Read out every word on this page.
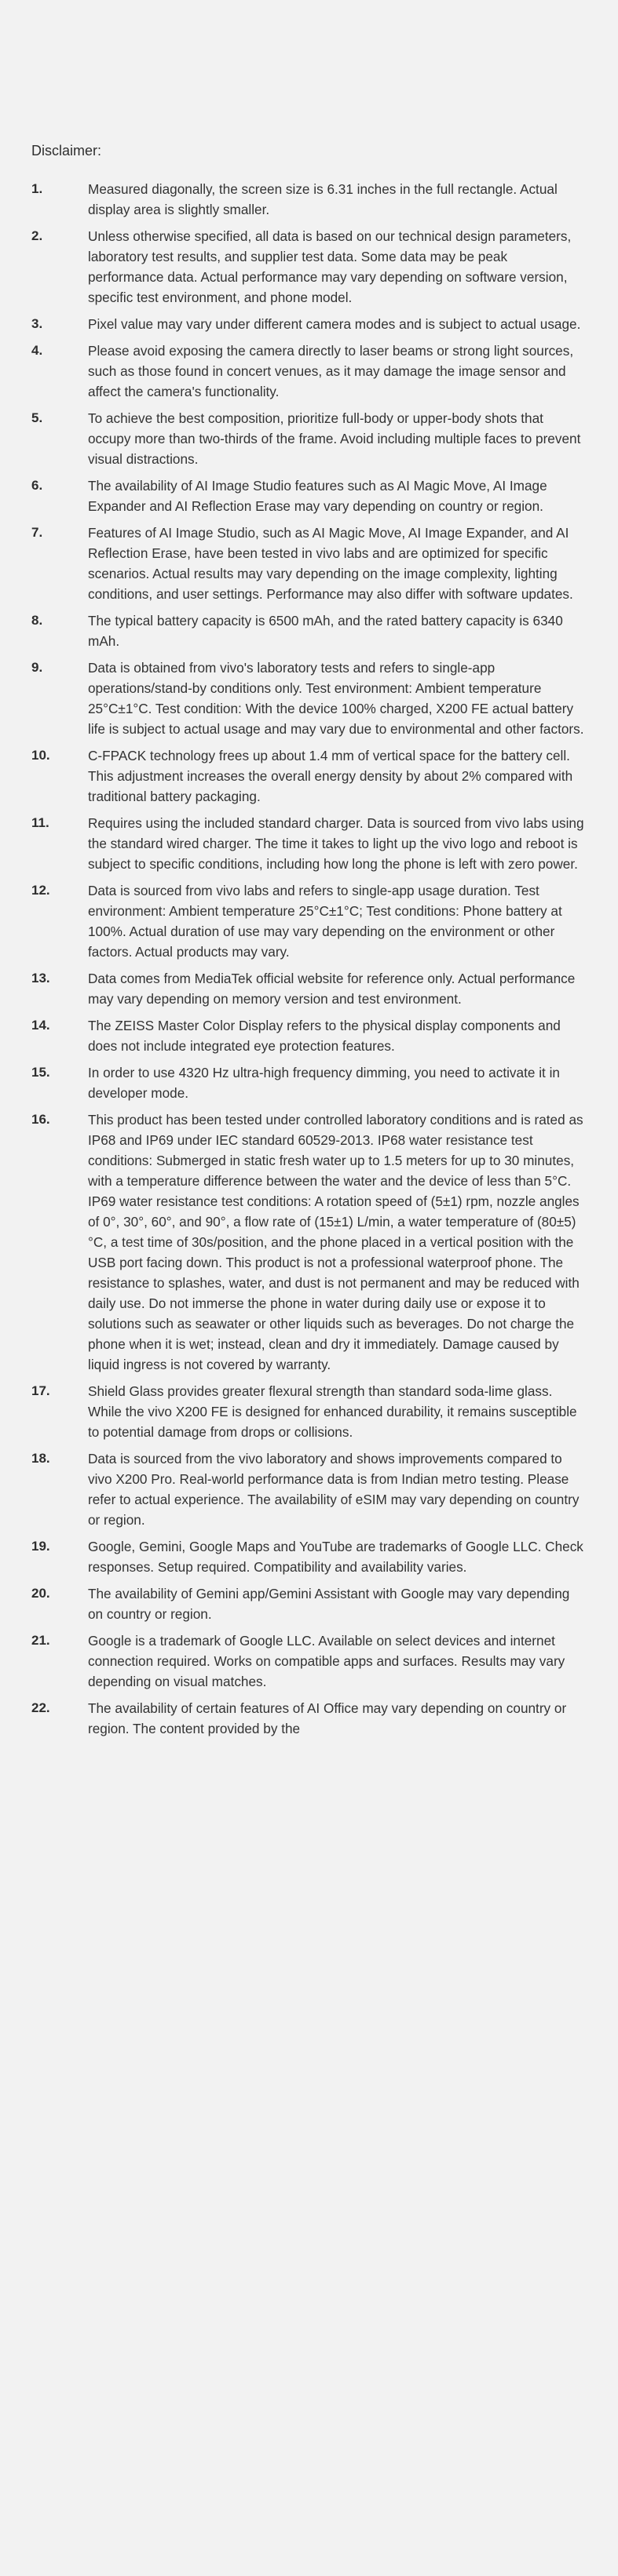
Disclaimer:
1.	Measured diagonally, the screen size is 6.31 inches in the full rectangle. Actual display area is slightly smaller.
2.	Unless otherwise specified, all data is based on our technical design parameters, laboratory test results, and supplier test data. Some data may be peak performance data. Actual performance may vary depending on software version, specific test environment, and phone model.
3.	Pixel value may vary under different camera modes and is subject to actual usage.
4.	Please avoid exposing the camera directly to laser beams or strong light sources, such as those found in concert venues, as it may damage the image sensor and affect the camera's functionality.
5.	To achieve the best composition, prioritize full-body or upper-body shots that occupy more than two-thirds of the frame. Avoid including multiple faces to prevent visual distractions.
6.	The availability of AI Image Studio features such as AI Magic Move, AI Image Expander and AI Reflection Erase may vary depending on country or region.
7.	Features of AI Image Studio, such as AI Magic Move, AI Image Expander, and AI Reflection Erase, have been tested in vivo labs and are optimized for specific scenarios. Actual results may vary depending on the image complexity, lighting conditions, and user settings. Performance may also differ with software updates.
8.	The typical battery capacity is 6500 mAh, and the rated battery capacity is 6340 mAh.
9.	Data is obtained from vivo's laboratory tests and refers to single-app operations/stand-by conditions only. Test environment: Ambient temperature 25°C±1°C. Test condition: With the device 100% charged, X200 FE actual battery life is subject to actual usage and may vary due to environmental and other factors.
10.	C-FPACK technology frees up about 1.4 mm of vertical space for the battery cell. This adjustment increases the overall energy density by about 2% compared with traditional battery packaging.
11.	Requires using the included standard charger. Data is sourced from vivo labs using the standard wired charger. The time it takes to light up the vivo logo and reboot is subject to specific conditions, including how long the phone is left with zero power.
12.	Data is sourced from vivo labs and refers to single-app usage duration. Test environment: Ambient temperature 25°C±1°C; Test conditions: Phone battery at 100%. Actual duration of use may vary depending on the environment or other factors. Actual products may vary.
13.	Data comes from MediaTek official website for reference only. Actual performance may vary depending on memory version and test environment.
14.	The ZEISS Master Color Display refers to the physical display components and does not include integrated eye protection features.
15.	In order to use 4320 Hz ultra-high frequency dimming, you need to activate it in developer mode.
16.	This product has been tested under controlled laboratory conditions and is rated as IP68 and IP69 under IEC standard 60529-2013. IP68 water resistance test conditions: Submerged in static fresh water up to 1.5 meters for up to 30 minutes, with a temperature difference between the water and the device of less than 5°C. IP69 water resistance test conditions: A rotation speed of (5±1) rpm, nozzle angles of 0°, 30°, 60°, and 90°, a flow rate of (15±1) L/min, a water temperature of (80±5)°C, a test time of 30s/position, and the phone placed in a vertical position with the USB port facing down. This product is not a professional waterproof phone. The resistance to splashes, water, and dust is not permanent and may be reduced with daily use. Do not immerse the phone in water during daily use or expose it to solutions such as seawater or other liquids such as beverages. Do not charge the phone when it is wet; instead, clean and dry it immediately. Damage caused by liquid ingress is not covered by warranty.
17.	Shield Glass provides greater flexural strength than standard soda-lime glass. While the vivo X200 FE is designed for enhanced durability, it remains susceptible to potential damage from drops or collisions.
18.	Data is sourced from the vivo laboratory and shows improvements compared to vivo X200 Pro. Real-world performance data is from Indian metro testing. Please refer to actual experience. The availability of eSIM may vary depending on country or region.
19.	Google, Gemini, Google Maps and YouTube are trademarks of Google LLC. Check responses. Setup required. Compatibility and availability varies.
20.	The availability of Gemini app/Gemini Assistant with Google may vary depending on country or region.
21.	Google is a trademark of Google LLC. Available on select devices and internet connection required. Works on compatible apps and surfaces. Results may vary depending on visual matches.
22.	The availability of certain features of AI Office may vary depending on country or region. The content provided by the
